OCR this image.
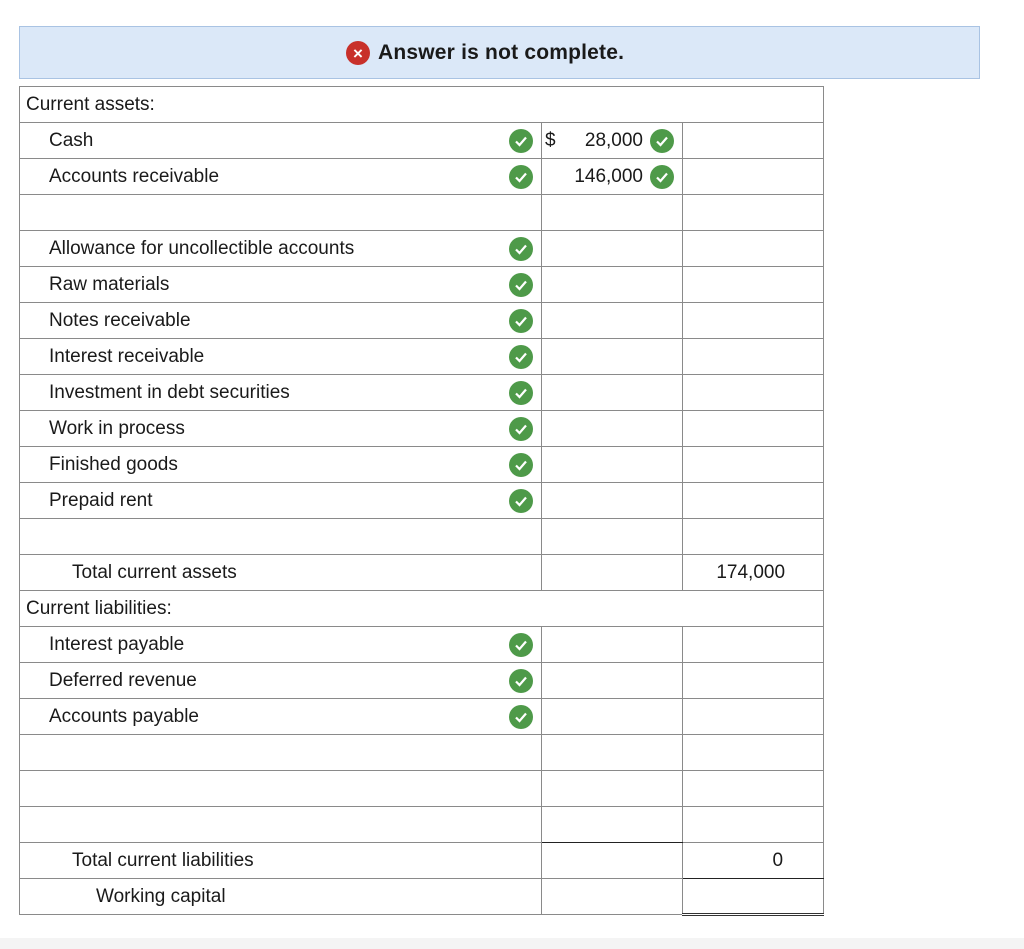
× Answer is not complete.
Current assets:		

Cash	$ 28,000	

Accounts receivable	146,000	

Allowance for uncollectible accounts		

Raw materials		

Notes receivable		

Interest receivable		

Investment in debt securities		

Work in process		

Finished goods		

Prepaid rent		

Total current assets		174,000

Current liabilities:		

Interest payable		

Deferred revenue		

Accounts payable		

Total current liabilities		0

Working capital		
